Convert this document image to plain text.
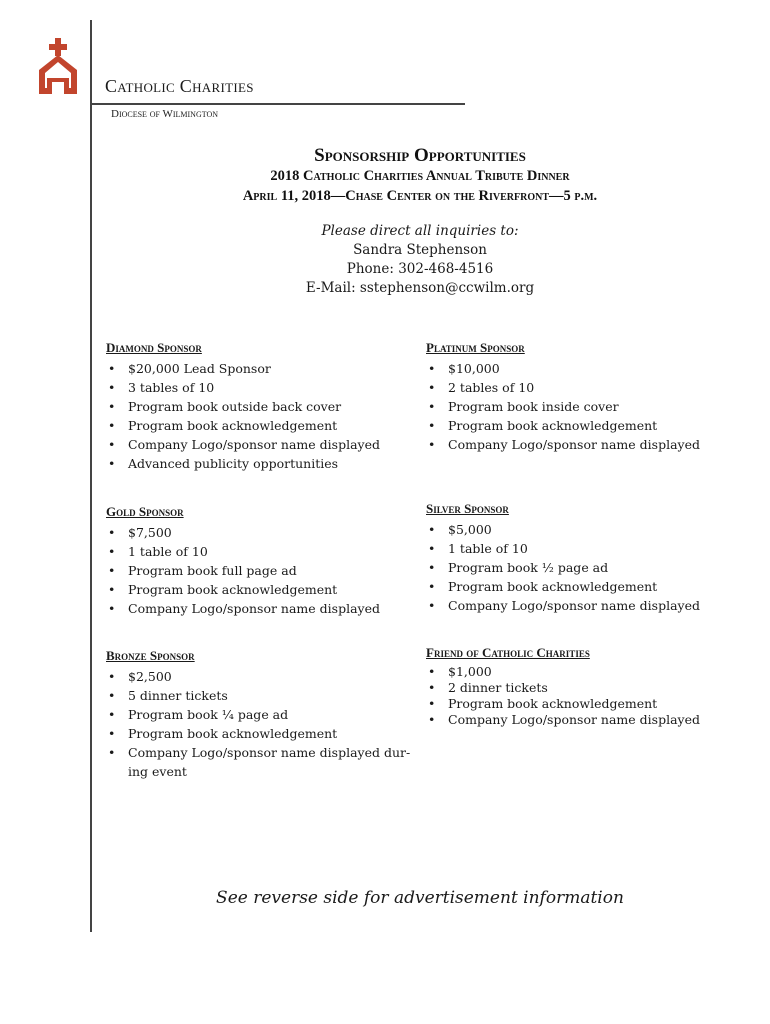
Catholic Charities
Diocese of Wilmington
Sponsorship Opportunities
2018 Catholic Charities Annual Tribute Dinner
April 11, 2018—Chase Center on the Riverfront—5 p.m.
Please direct all inquiries to:
Sandra Stephenson
Phone: 302-468-4516
E-Mail: sstephenson@ccwilm.org
Diamond Sponsor
• $20,000 Lead Sponsor
• 3 tables of 10
• Program book outside back cover
• Program book acknowledgement
• Company Logo/sponsor name displayed
• Advanced publicity opportunities
Platinum Sponsor
• $10,000
• 2 tables of 10
• Program book inside cover
• Program book acknowledgement
• Company Logo/sponsor name displayed
Gold Sponsor
• $7,500
• 1 table of 10
• Program book full page ad
• Program book acknowledgement
• Company Logo/sponsor name displayed
Silver Sponsor
• $5,000
• 1 table of 10
• Program book ½ page ad
• Program book acknowledgement
• Company Logo/sponsor name displayed
Bronze Sponsor
• $2,500
• 5 dinner tickets
• Program book ¼ page ad
• Program book acknowledgement
• Company Logo/sponsor name displayed dur-
ing event
Friend of Catholic Charities
• $1,000
• 2 dinner tickets
• Program book acknowledgement
• Company Logo/sponsor name displayed
See reverse side for advertisement information
